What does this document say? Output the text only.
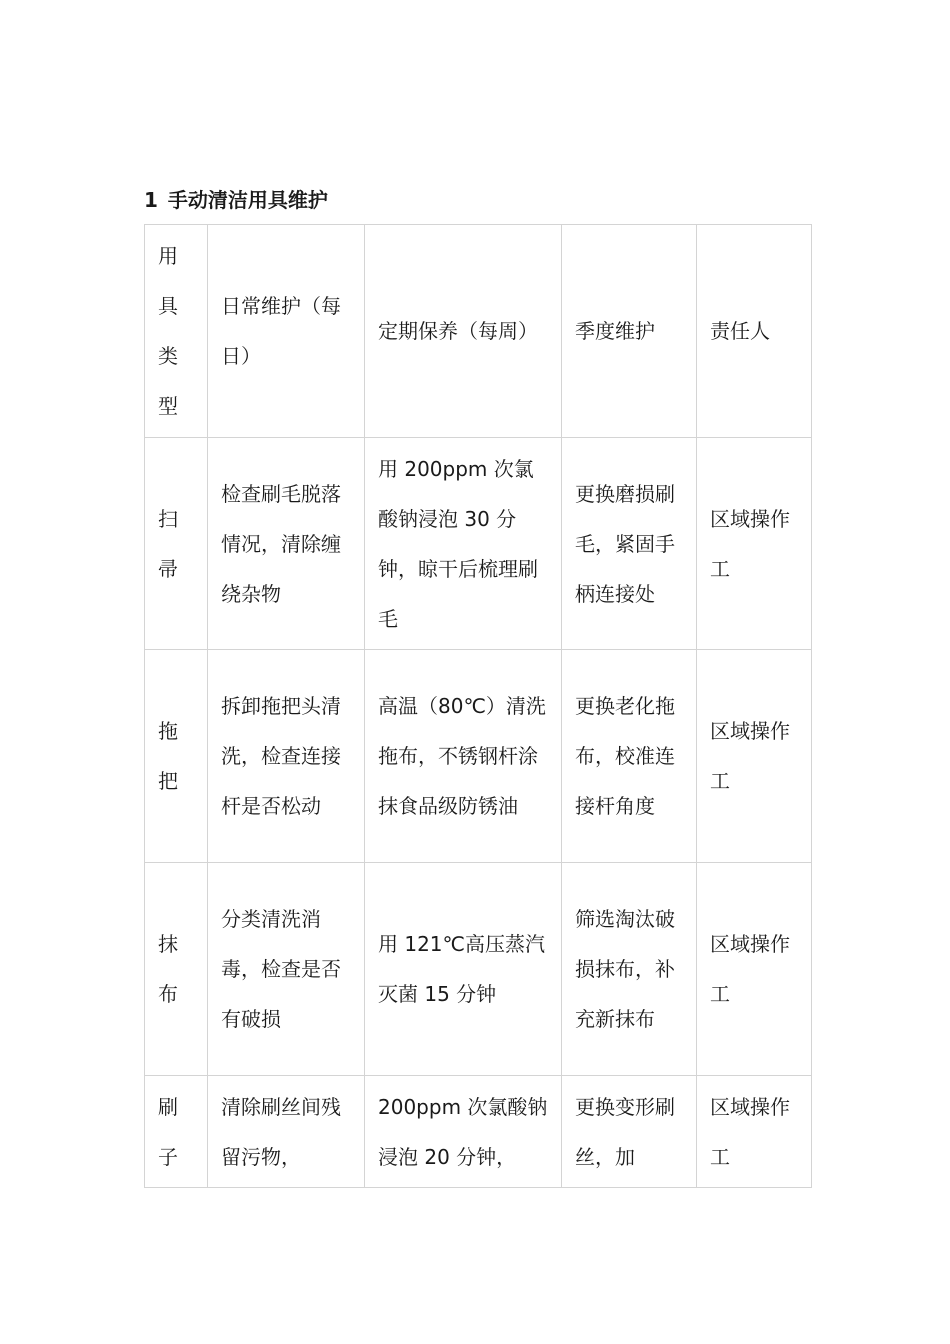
1 手动清洁用具维护
用具类型	日常维护（每日）	定期保养（每周）	季度维护	责任人
扫帚	检查刷毛脱落情况，清除缠绕杂物	用 200ppm 次氯酸钠浸泡 30 分钟，晾干后梳理刷毛	更换磨损刷毛，紧固手柄连接处	区域操作工
拖把	拆卸拖把头清洗，检查连接杆是否松动	高温（80℃）清洗拖布，不锈钢杆涂抹食品级防锈油	更换老化拖布，校准连接杆角度	区域操作工
抹布	分类清洗消毒，检查是否有破损	用 121℃高压蒸汽灭菌 15 分钟	筛选淘汰破损抹布，补充新抹布	区域操作工
刷子	清除刷丝间残留污物，	200ppm 次氯酸钠浸泡 20 分钟，	更换变形刷丝，加	区域操作工
